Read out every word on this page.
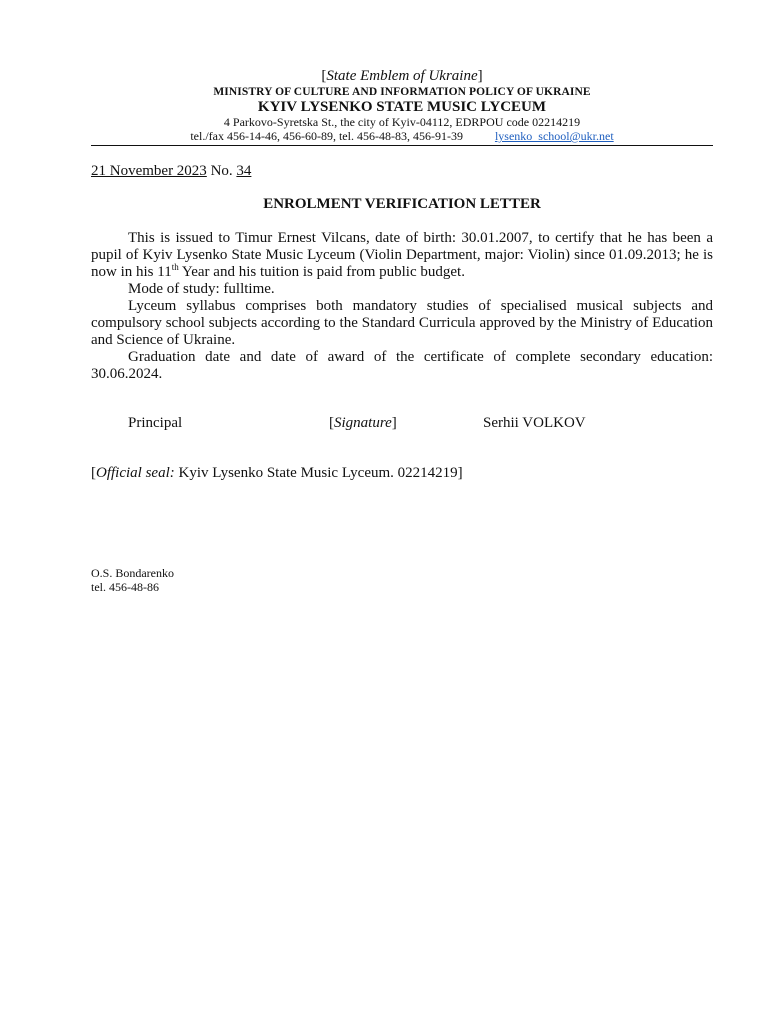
[State Emblem of Ukraine]
MINISTRY OF CULTURE AND INFORMATION POLICY OF UKRAINE
KYIV LYSENKO STATE MUSIC LYCEUM
4 Parkovo-Syretska St., the city of Kyiv-04112, EDRPOU code 02214219
tel./fax 456-14-46, 456-60-89, tel. 456-48-83, 456-91-39	lysenko_school@ukr.net
21 November 2023 No. 34
ENROLMENT VERIFICATION LETTER

This is issued to Timur Ernest Vilcans, date of birth: 30.01.2007, to certify that he has been a pupil of Kyiv Lysenko State Music Lyceum (Violin Department, major: Violin) since 01.09.2013; he is now in his 11th Year and his tuition is paid from public budget.

Mode of study: fulltime.

Lyceum syllabus comprises both mandatory studies of specialised musical subjects and compulsory school subjects according to the Standard Curricula approved by the Ministry of Education and Science of Ukraine.

Graduation date and date of award of the certificate of complete secondary education: 30.06.2024.

Principal	[Signature]	Serhii VOLKOV
[Official seal: Kyiv Lysenko State Music Lyceum. 02214219]
O.S. Bondarenko
tel. 456-48-86
